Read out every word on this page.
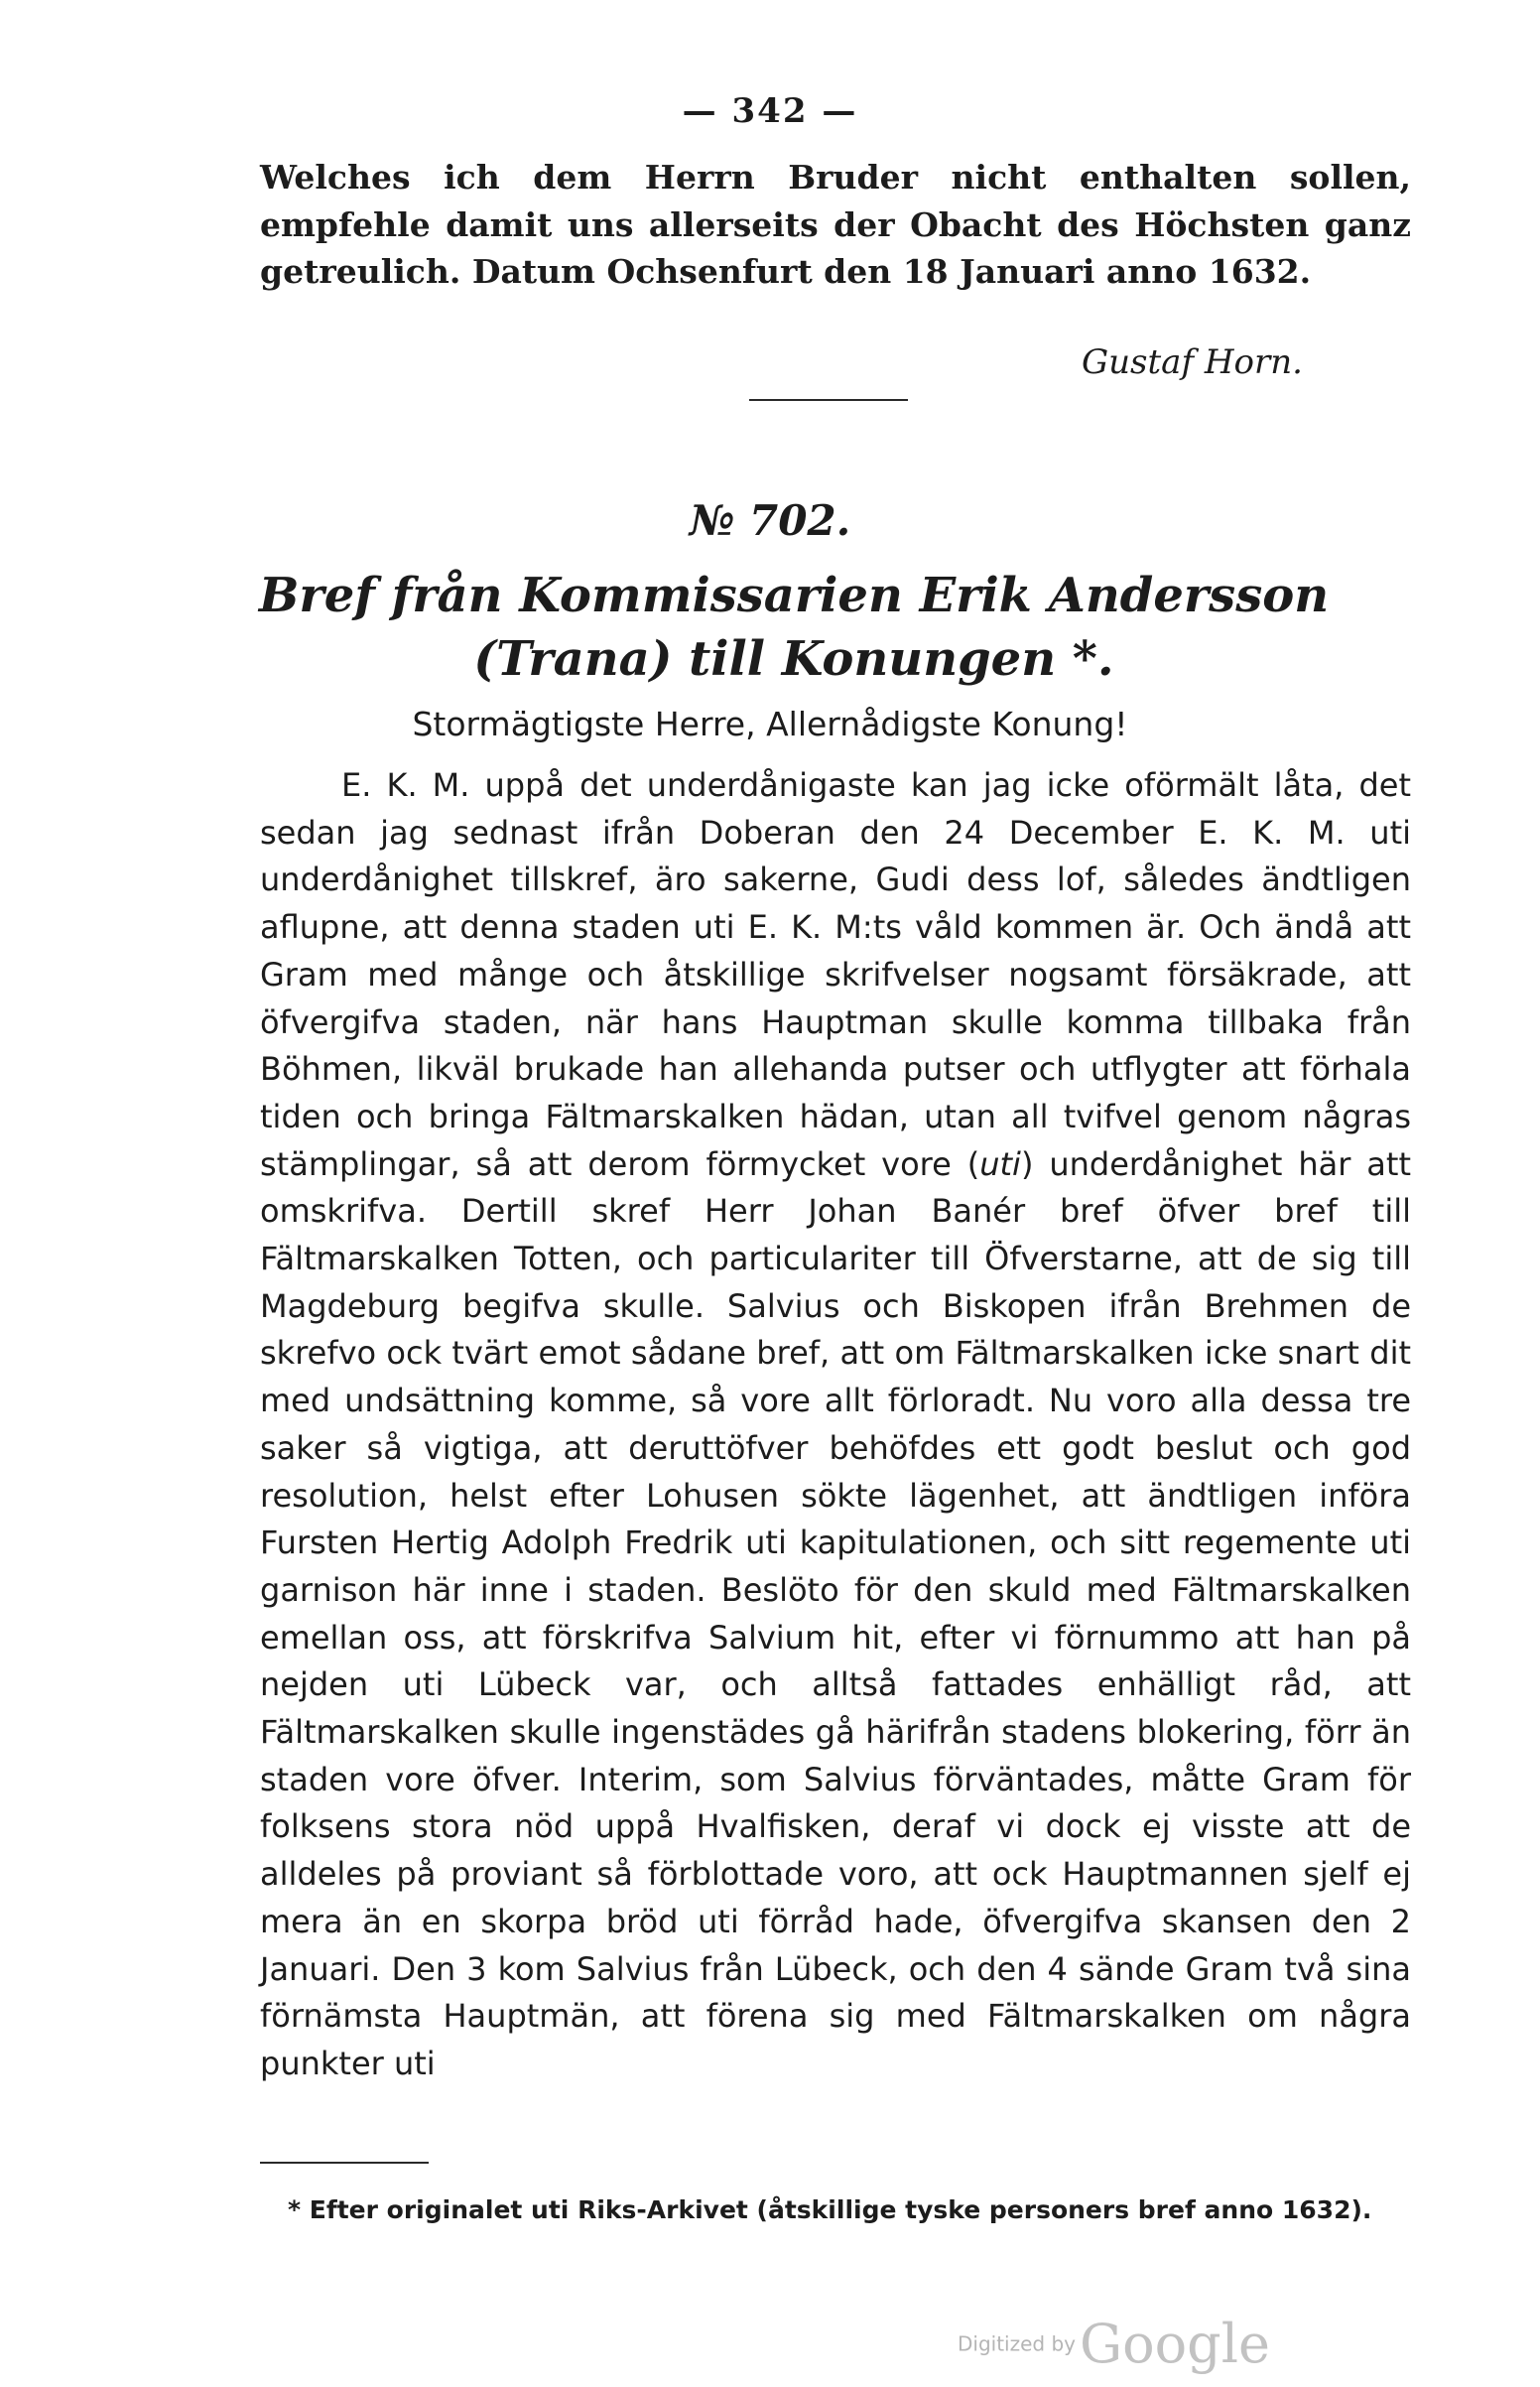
— 342 —

Welches ich dem Herrn Bruder nicht enthalten sollen, empfehle damit uns allerseits der Obacht des Höchsten ganz getreulich. Datum Ochsenfurt den 18 Januari anno 1632.

Gustaf Horn.
№ 702.
Bref från Kommissarien Erik Andersson
(Trana) till Konungen *.
Stormägtigste Herre, Allernådigste Konung!

E. K. M. uppå det underdånigaste kan jag icke oförmält låta, det sedan jag sednast ifrån Doberan den 24 December E. K. M. uti underdånighet tillskref, äro sakerne, Gudi dess lof, således ändtligen aflupne, att denna staden uti E. K. M:ts våld kommen är. Och ändå att Gram med månge och åtskillige skrifvelser nogsamt försäkrade, att öfvergifva staden, när hans Hauptman skulle komma tillbaka från Böhmen, likväl brukade han allehanda putser och utflygter att förhala tiden och bringa Fältmarskalken hädan, utan all tvifvel genom någras stämplingar, så att derom förmycket vore (uti) underdånighet här att omskrifva. Dertill skref Herr Johan Banér bref öfver bref till Fältmarskalken Totten, och particulariter till Öfverstarne, att de sig till Magdeburg begifva skulle. Salvius och Biskopen ifrån Brehmen de skrefvo ock tvärt emot sådane bref, att om Fältmarskalken icke snart dit med undsättning komme, så vore allt förloradt. Nu voro alla dessa tre saker så vigtiga, att deruttöfver behöfdes ett godt beslut och god resolution, helst efter Lohusen sökte lägenhet, att ändtligen införa Fursten Hertig Adolph Fredrik uti kapitulationen, och sitt regemente uti garnison här inne i staden. Beslöto för den skuld med Fältmarskalken emellan oss, att förskrifva Salvium hit, efter vi förnummo att han på nejden uti Lübeck var, och alltså fattades enhälligt råd, att Fältmarskalken skulle ingenstädes gå härifrån stadens blokering, förr än staden vore öfver. Interim, som Salvius förväntades, måtte Gram för folksens stora nöd uppå Hvalfisken, deraf vi dock ej visste att de alldeles på proviant så förblottade voro, att ock Hauptmannen sjelf ej mera än en skorpa bröd uti förråd hade, öfvergifva skansen den 2 Januari. Den 3 kom Salvius från Lübeck, och den 4 sände Gram två sina förnämsta Hauptmän, att förena sig med Fältmarskalken om några punkter uti

* Efter originalet uti Riks-Arkivet (åtskillige tyske personers bref anno 1632).
Digitized byGoogle
